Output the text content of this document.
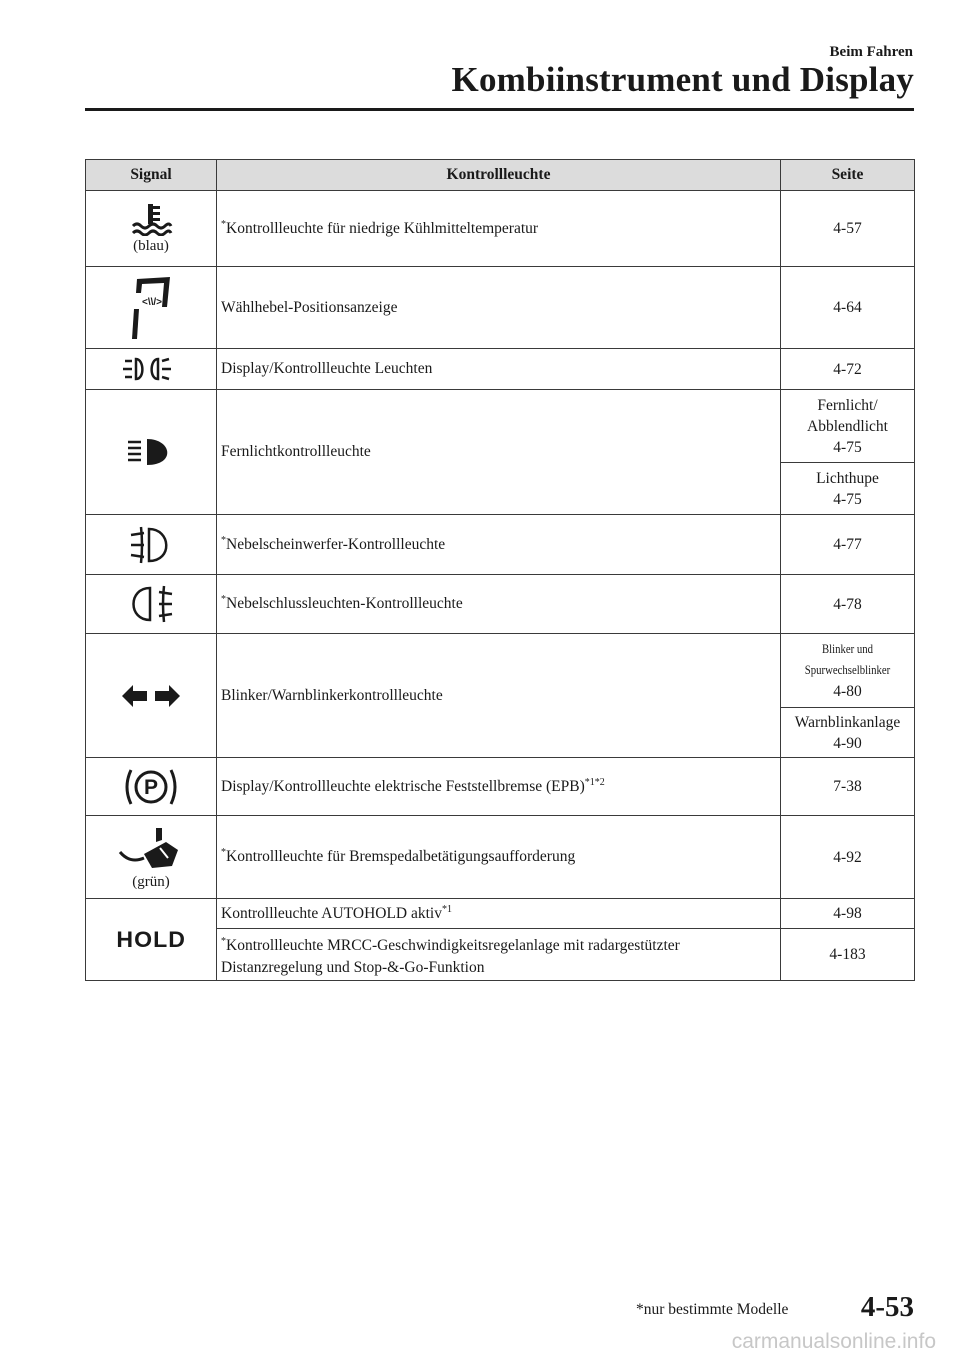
Beim Fahren
Kombiinstrument und Display
Signal	Kontrollleuchte	Seite

(blau)	*Kontrollleuchte für niedrige Kühlmitteltemperatur	4-57

<\\/>	Wählhebel-Positionsanzeige	4-64

	Display/Kontrollleuchte Leuchten	4-72

	Fernlichtkontrollleuchte	Fernlicht/
Abblendlicht
4-75

		Lichthupe
4-75

	*Nebelscheinwerfer-Kontrollleuchte	4-77

	*Nebelschlussleuchten-Kontrollleuchte	4-78

	Blinker/Warnblinkerkontrollleuchte	Blinker und
Spurwechselblinker
4-80

		Warnblinkanlage
4-90

P	Display/Kontrollleuchte elektrische Feststellbremse (EPB)$^{*1*2}$	7-38

(grün)	*Kontrollleuchte für Bremspedalbetätigungsaufforderung	4-92
HOLD	Kontrollleuchte AUTOHOLD aktiv$^{*1}$	4-98
	*Kontrollleuchte MRCC-Geschwindigkeitsregelanlage mit radargestützter Distanzregelung und Stop-&-Go-Funktion	4-183
*nur bestimmte Modelle 4-53
carmanualsonline.info
